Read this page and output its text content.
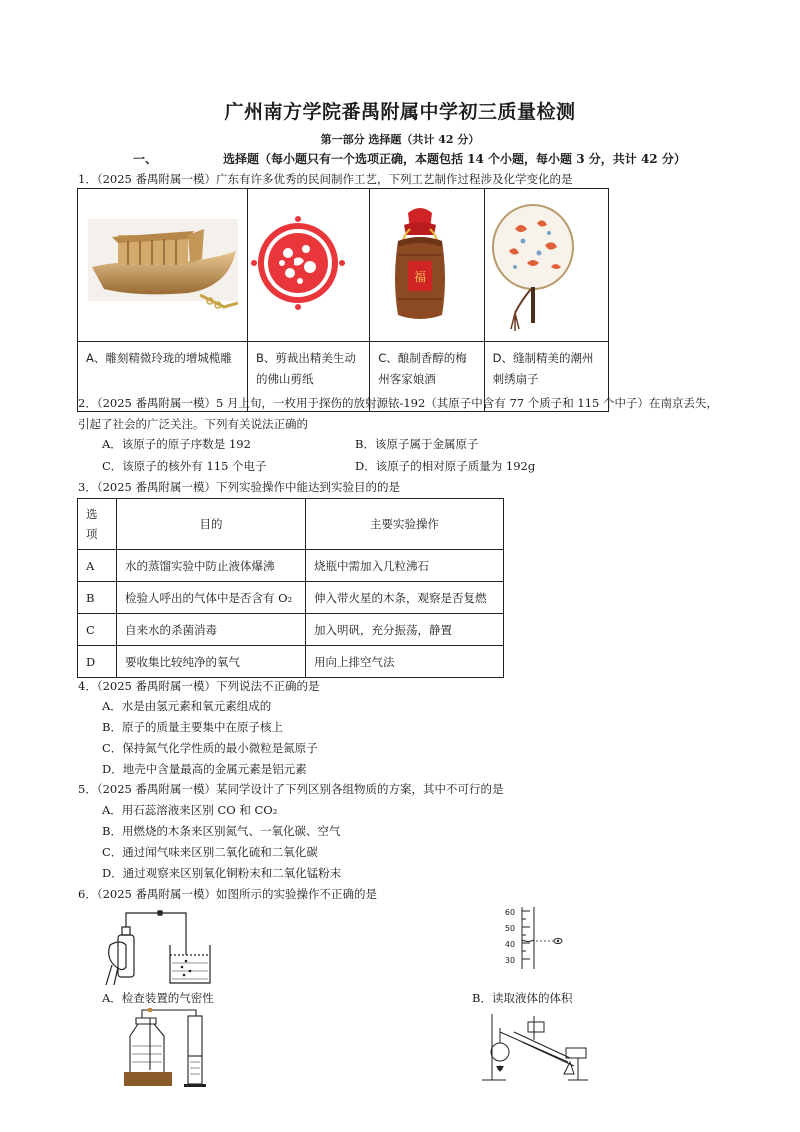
广州南方学院番禺附属中学初三质量检测
第一部分 选择题（共计 42 分）
一、	选择题（每小题只有一个选项正确，本题包括 14 个小题，每小题 3 分，共计 42 分）
1．（2025 番禺附属一模）广东有许多优秀的民间制作工艺，下列工艺制作过程涉及化学变化的是

福

A、雕刻精微玲珑的增城榄雕	B、剪裁出精美生动的佛山剪纸	C、酿制香醇的梅州客家娘酒	D、缝制精美的潮州刺绣扇子
2．（2025 番禺附属一模）5 月上旬，一枚用于探伤的放射源铱-192（其原子中含有 77 个质子和 115 个中子）在南京丢失，
引起了社会的广泛关注。下列有关说法正确的
A．该原子的原子序数是 192	B．该原子属于金属原子
C．该原子的核外有 115 个电子	D．该原子的相对原子质量为 192g
3．（2025 番禺附属一模）下列实验操作中能达到实验目的的是
选项	目的	主要实验操作
A	水的蒸馏实验中防止液体爆沸	烧瓶中需加入几粒沸石
B	检验人呼出的气体中是否含有 O₂	伸入带火星的木条，观察是否复燃
C	自来水的杀菌消毒	加入明矾，充分振荡，静置
D	要收集比较纯净的氧气	用向上排空气法
4．（2025 番禺附属一模）下列说法不正确的是
A．水是由氢元素和氧元素组成的
B．原子的质量主要集中在原子核上
C．保持氮气化学性质的最小微粒是氮原子
D．地壳中含量最高的金属元素是铝元素
5．（2025 番禺附属一模）某同学设计了下列区别各组物质的方案，其中不可行的是
A．用石蕊溶液来区别 CO 和 CO₂
B．用燃烧的木条来区别氮气、一氧化碳、空气
C．通过闻气味来区别二氧化硫和二氧化碳
D．通过观察来区别氧化铜粉末和二氧化锰粉末
6．（2025 番禺附属一模）如图所示的实验操作不正确的是
A．检查装置的气密性
60
50
40
30
B．读取液体的体积
